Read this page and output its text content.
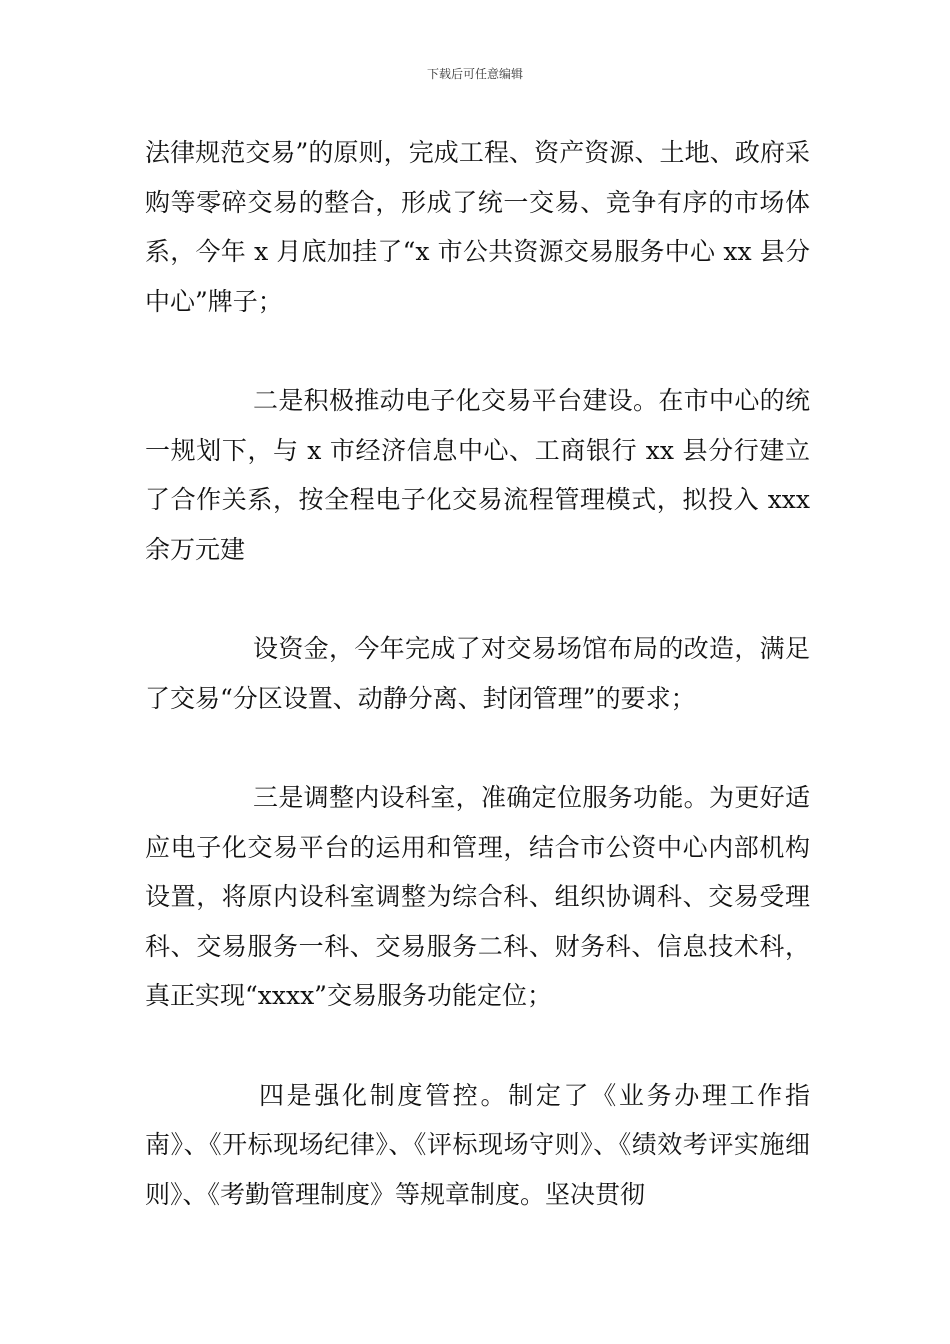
下载后可任意编辑

法律规范交易”的原则，完成工程、资产资源、土地、政府采购等零碎交易的整合，形成了统一交易、竞争有序的市场体系，今年 x 月底加挂了“x 市公共资源交易服务中心 xx 县分中心”牌子；

二是积极推动电子化交易平台建设。在市中心的统一规划下，与 x 市经济信息中心、工商银行 xx 县分行建立了合作关系，按全程电子化交易流程管理模式，拟投入 xxx 余万元建

设资金，今年完成了对交易场馆布局的改造，满足了交易“分区设置、动静分离、封闭管理”的要求；

三是调整内设科室，准确定位服务功能。为更好适应电子化交易平台的运用和管理，结合市公资中心内部机构设置，将原内设科室调整为综合科、组织协调科、交易受理科、交易服务一科、交易服务二科、财务科、信息技术科，真正实现“xxxx”交易服务功能定位；

四是强化制度管控。制定了《业务办理工作指南》、《开标现场纪律》、《评标现场守则》、《绩效考评实施细则》、《考勤管理制度》等规章制度。坚决贯彻
